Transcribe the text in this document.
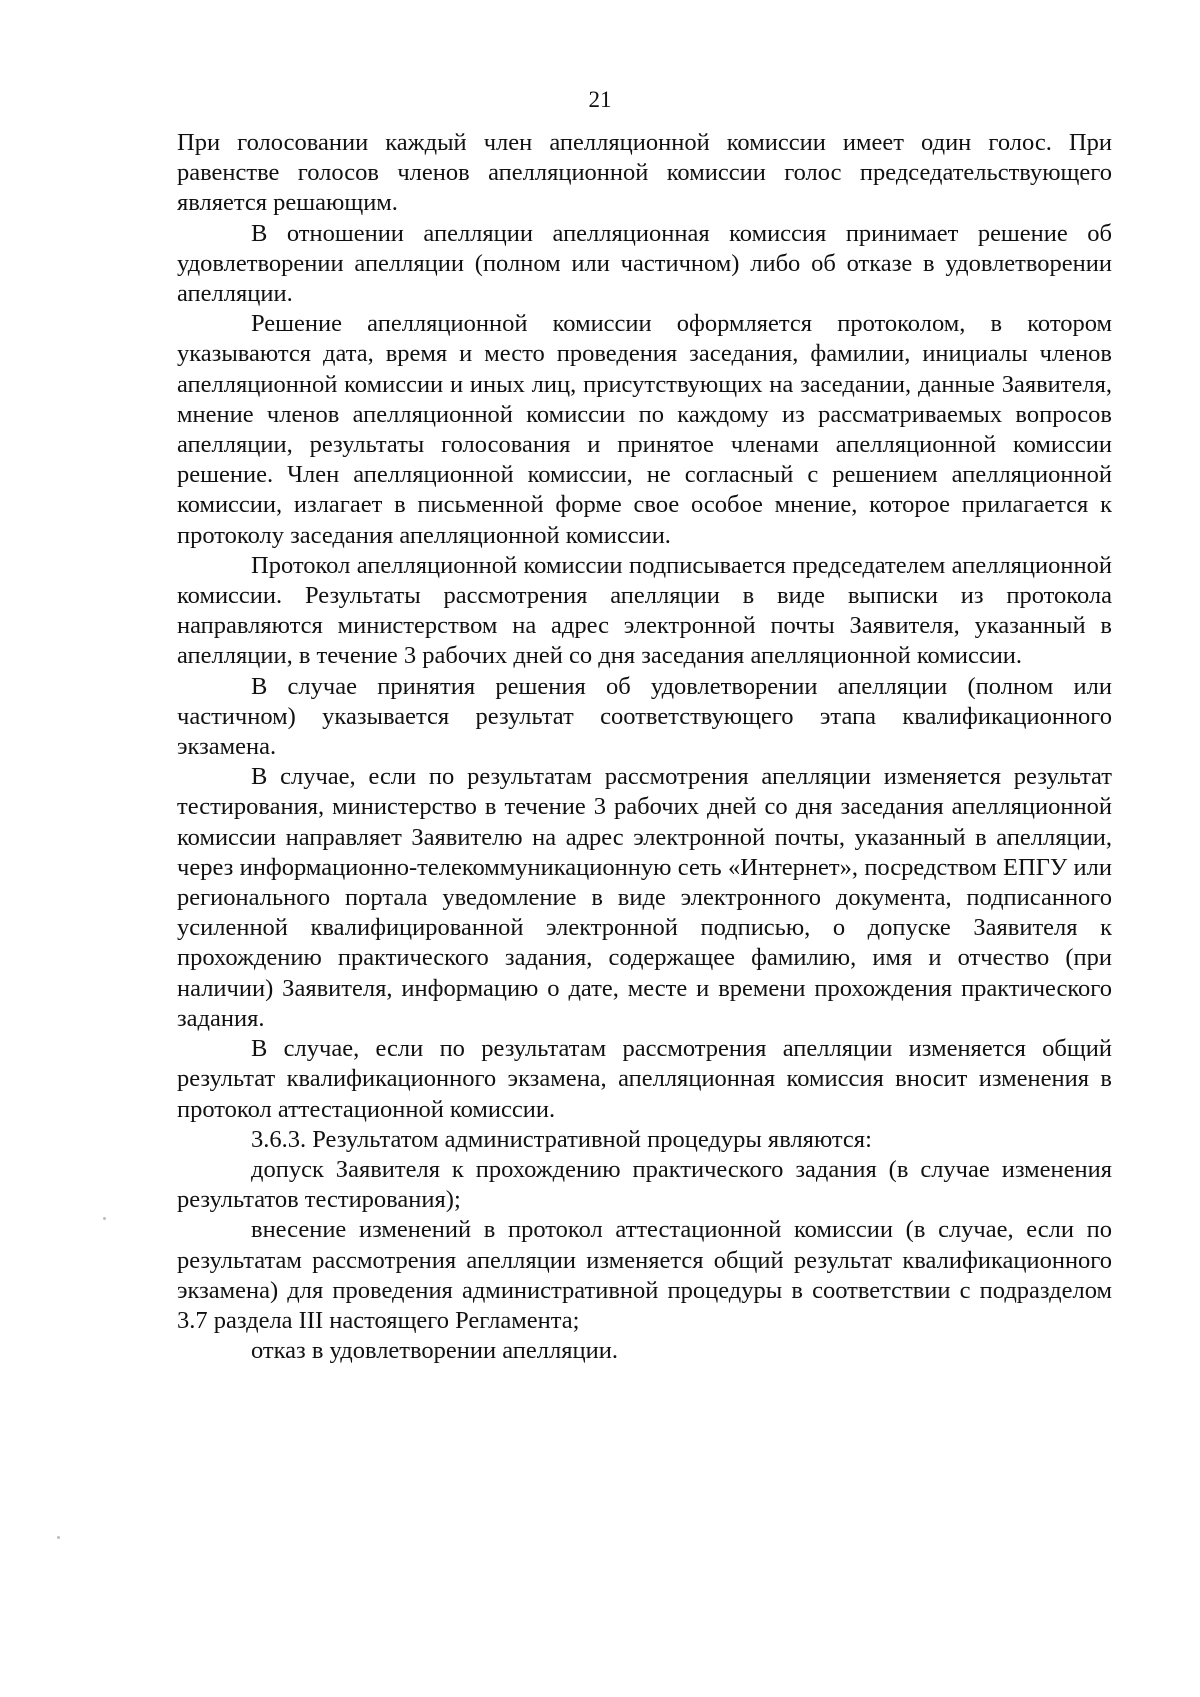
21

При голосовании каждый член апелляционной комиссии имеет один голос. При равенстве голосов членов апелляционной комиссии голос председательствующего является решающим.

В отношении апелляции апелляционная комиссия принимает решение об удовлетворении апелляции (полном или частичном) либо об отказе в удовлетворении апелляции.

Решение апелляционной комиссии оформляется протоколом, в котором указываются дата, время и место проведения заседания, фамилии, инициалы членов апелляционной комиссии и иных лиц, присутствующих на заседании, данные Заявителя, мнение членов апелляционной комиссии по каждому из рассматриваемых вопросов апелляции, результаты голосования и принятое членами апелляционной комиссии решение. Член апелляционной комиссии, не согласный с решением апелляционной комиссии, излагает в письменной форме свое особое мнение, которое прилагается к протоколу заседания апелляционной комиссии.

Протокол апелляционной комиссии подписывается председателем апелляционной комиссии. Результаты рассмотрения апелляции в виде выписки из протокола направляются министерством на адрес электронной почты Заявителя, указанный в апелляции, в течение 3 рабочих дней со дня заседания апелляционной комиссии.

В случае принятия решения об удовлетворении апелляции (полном или частичном) указывается результат соответствующего этапа квалификационного экзамена.

В случае, если по результатам рассмотрения апелляции изменяется результат тестирования, министерство в течение 3 рабочих дней со дня заседания апелляционной комиссии направляет Заявителю на адрес электронной почты, указанный в апелляции, через информационно-телекоммуникационную сеть «Интернет», посредством ЕПГУ или регионального портала уведомление в виде электронного документа, подписанного усиленной квалифицированной электронной подписью, о допуске Заявителя к прохождению практического задания, содержащее фамилию, имя и отчество (при наличии) Заявителя, информацию о дате, месте и времени прохождения практического задания.

В случае, если по результатам рассмотрения апелляции изменяется общий результат квалификационного экзамена, апелляционная комиссия вносит изменения в протокол аттестационной комиссии.

3.6.3. Результатом административной процедуры являются:

допуск Заявителя к прохождению практического задания (в случае изменения результатов тестирования);

внесение изменений в протокол аттестационной комиссии (в случае, если по результатам рассмотрения апелляции изменяется общий результат квалификационного экзамена) для проведения административной процедуры в соответствии с подразделом 3.7 раздела III настоящего Регламента;

отказ в удовлетворении апелляции.
